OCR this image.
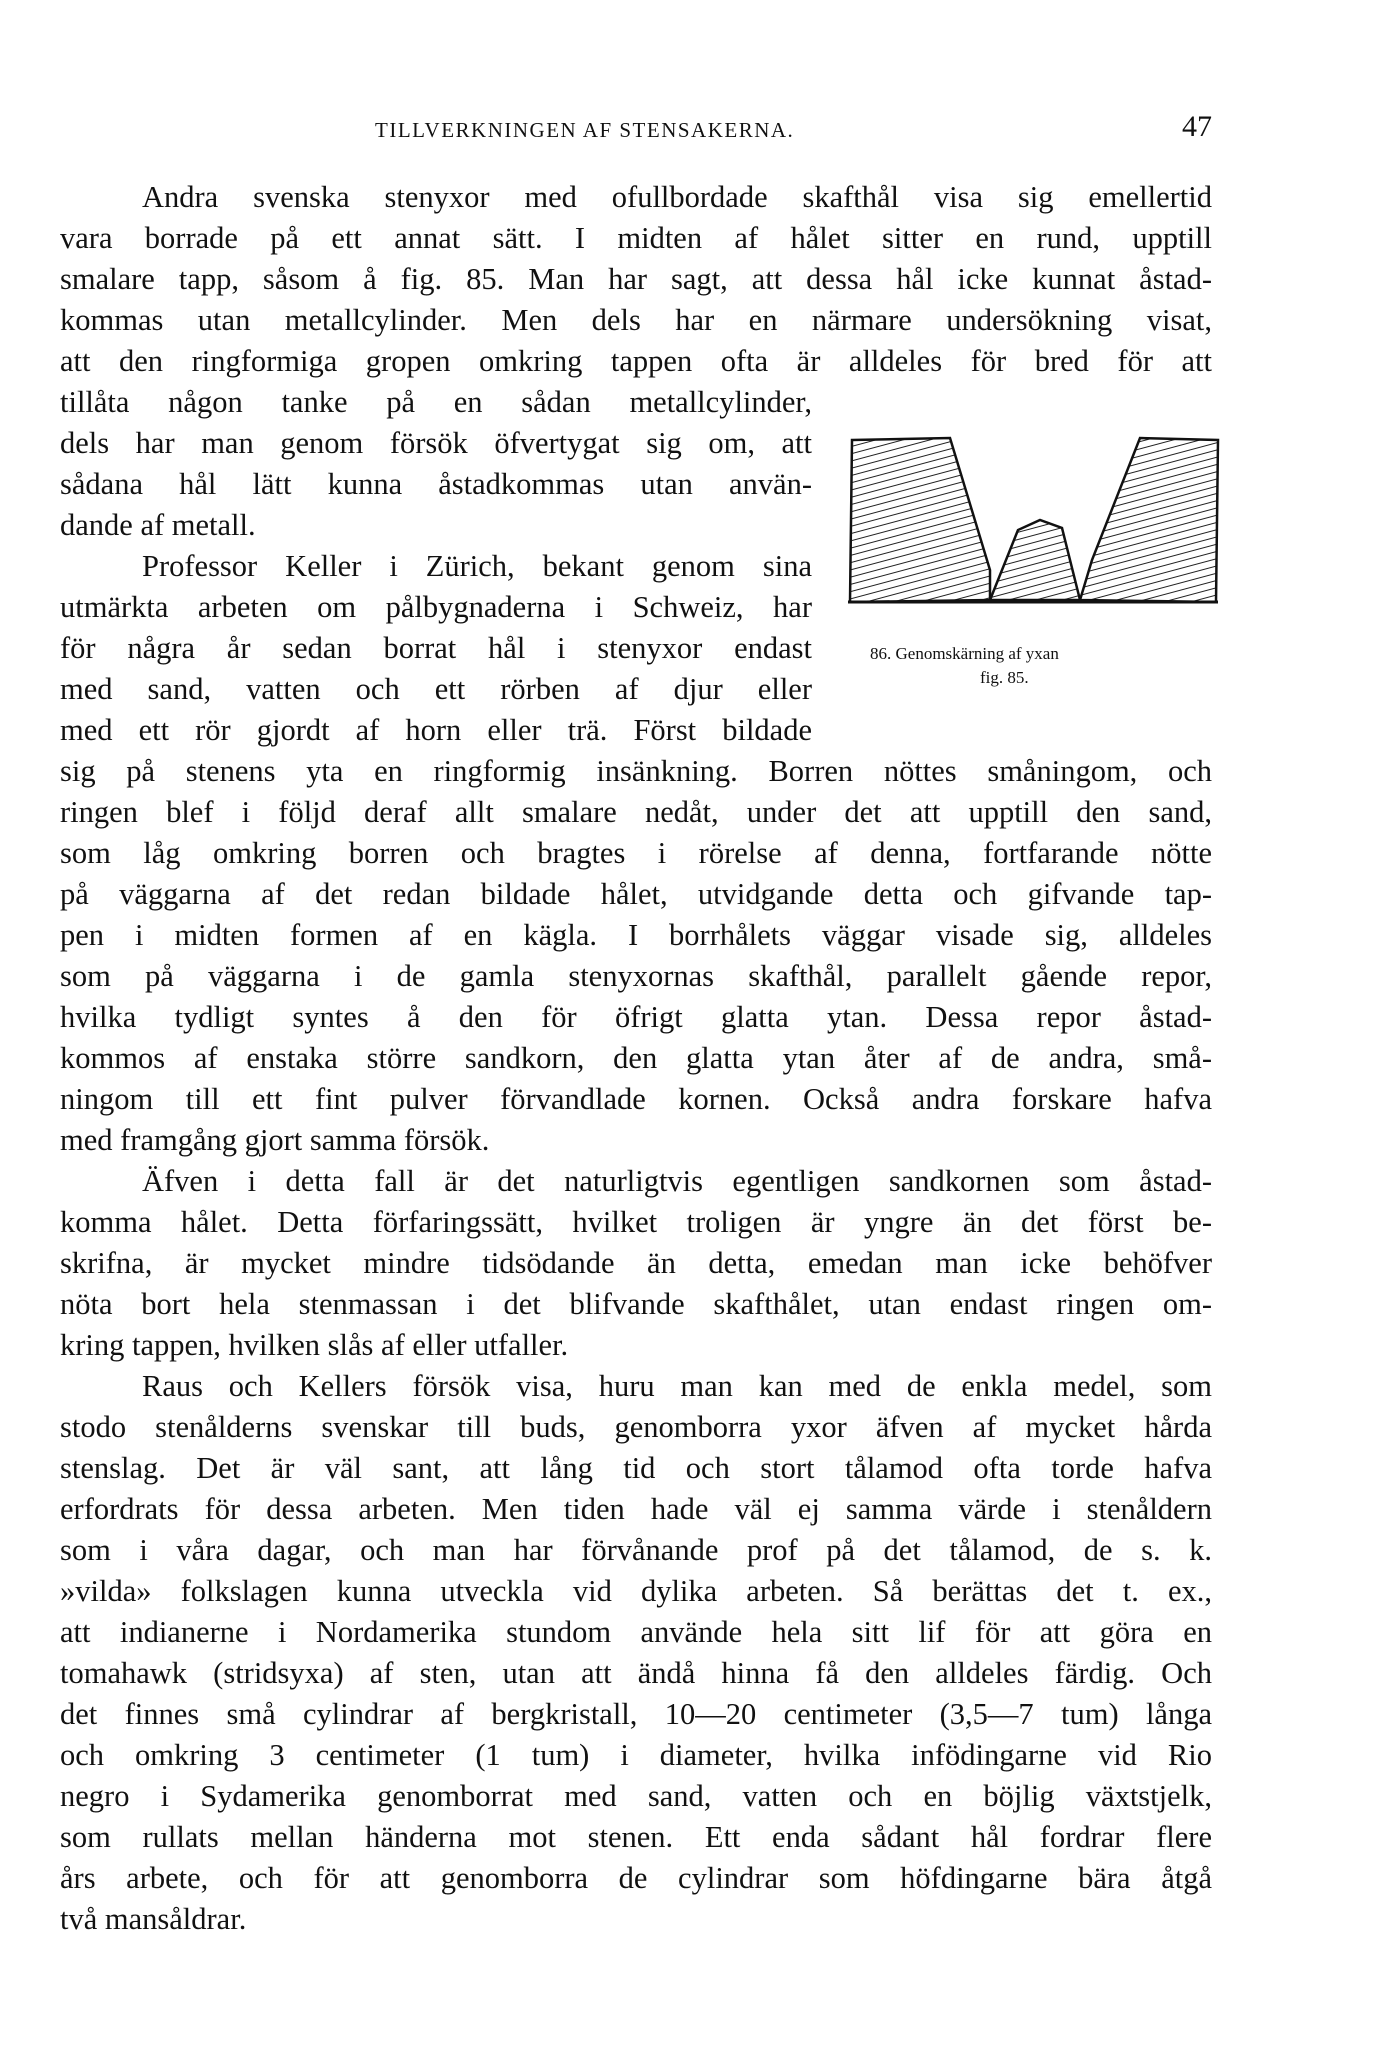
TILLVERKNINGEN AF STENSAKERNA.	47
Andra svenska stenyxor med ofullbordade skafthål visa sig emellertid
vara borrade på ett annat sätt. I midten af hålet sitter en rund, upptill
smalare tapp, såsom å fig. 85. Man har sagt, att dessa hål icke kunnat åstad-
kommas utan metallcylinder. Men dels har en närmare undersökning visat,
att den ringformiga gropen omkring tappen ofta är alldeles för bred för att
tillåta någon tanke på en sådan metallcylinder,
dels har man genom försök öfvertygat sig om, att
sådana hål lätt kunna åstadkommas utan använ-
dande af metall.
Professor Keller i Zürich, bekant genom sina
utmärkta arbeten om pålbygnaderna i Schweiz, har
för några år sedan borrat hål i stenyxor endast
med sand, vatten och ett rörben af djur eller
med ett rör gjordt af horn eller trä. Först bildade
sig på stenens yta en ringformig insänkning. Borren nöttes småningom, och
ringen blef i följd deraf allt smalare nedåt, under det att upptill den sand,
som låg omkring borren och bragtes i rörelse af denna, fortfarande nötte
på väggarna af det redan bildade hålet, utvidgande detta och gifvande tap-
pen i midten formen af en kägla. I borrhålets väggar visade sig, alldeles
som på väggarna i de gamla stenyxornas skafthål, parallelt gående repor,
hvilka tydligt syntes å den för öfrigt glatta ytan. Dessa repor åstad-
kommos af enstaka större sandkorn, den glatta ytan åter af de andra, små-
ningom till ett fint pulver förvandlade kornen. Också andra forskare hafva
med framgång gjort samma försök.
Äfven i detta fall är det naturligtvis egentligen sandkornen som åstad-
komma hålet. Detta förfaringssätt, hvilket troligen är yngre än det först be-
skrifna, är mycket mindre tidsödande än detta, emedan man icke behöfver
nöta bort hela stenmassan i det blifvande skafthålet, utan endast ringen om-
kring tappen, hvilken slås af eller utfaller.
Raus och Kellers försök visa, huru man kan med de enkla medel, som
stodo stenålderns svenskar till buds, genomborra yxor äfven af mycket hårda
stenslag. Det är väl sant, att lång tid och stort tålamod ofta torde hafva
erfordrats för dessa arbeten. Men tiden hade väl ej samma värde i stenåldern
som i våra dagar, och man har förvånande prof på det tålamod, de s. k.
»vilda» folkslagen kunna utveckla vid dylika arbeten. Så berättas det t. ex.,
att indianerne i Nordamerika stundom använde hela sitt lif för att göra en
tomahawk (stridsyxa) af sten, utan att ändå hinna få den alldeles färdig. Och
det finnes små cylindrar af bergkristall, 10—20 centimeter (3,5—7 tum) långa
och omkring 3 centimeter (1 tum) i diameter, hvilka infödingarne vid Rio
negro i Sydamerika genomborrat med sand, vatten och en böjlig växtstjelk,
som rullats mellan händerna mot stenen. Ett enda sådant hål fordrar flere
års arbete, och för att genomborra de cylindrar som höfdingarne bära åtgå
två mansåldrar.
86. Genomskärning af yxan
fig. 85.
